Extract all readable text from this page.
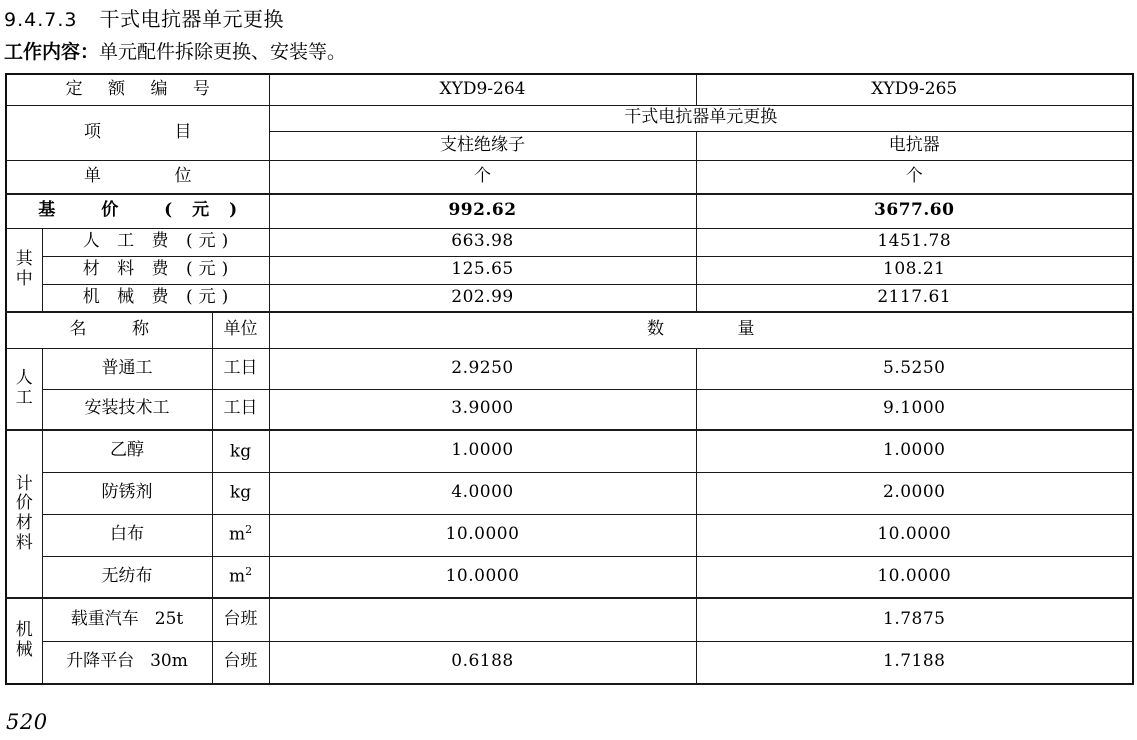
9.4.7.3 干式电抗器单元更换
工作内容：单元配件拆除更换、安装等。
定 额 编 号			XYD9-264	XYD9-265
项 目			干式电抗器单元更换	
			支柱绝缘子	电抗器
单 位			个	个
基 价 (元)			992.62	3677.60

其
中	人 工 费 (元)		663.98	1451.78
	材 料 费 (元)		125.65	108.21
	机 械 费 (元)		202.99	2117.61
名 称		单位	数 量	

人
工	普通工	工日	2.9250	5.5250
	安装技术工	工日	3.9000	9.1000

计
价
材
料	乙醇	kg	1.0000	1.0000
	防锈剂	kg	4.0000	2.0000
	白布	$m^2$	10.0000	10.0000
	无纺布	$m^2$	10.0000	10.0000

机
械	载重汽车 25t	台班		1.7875
	升降平台 30m	台班	0.6188	1.7188
520
